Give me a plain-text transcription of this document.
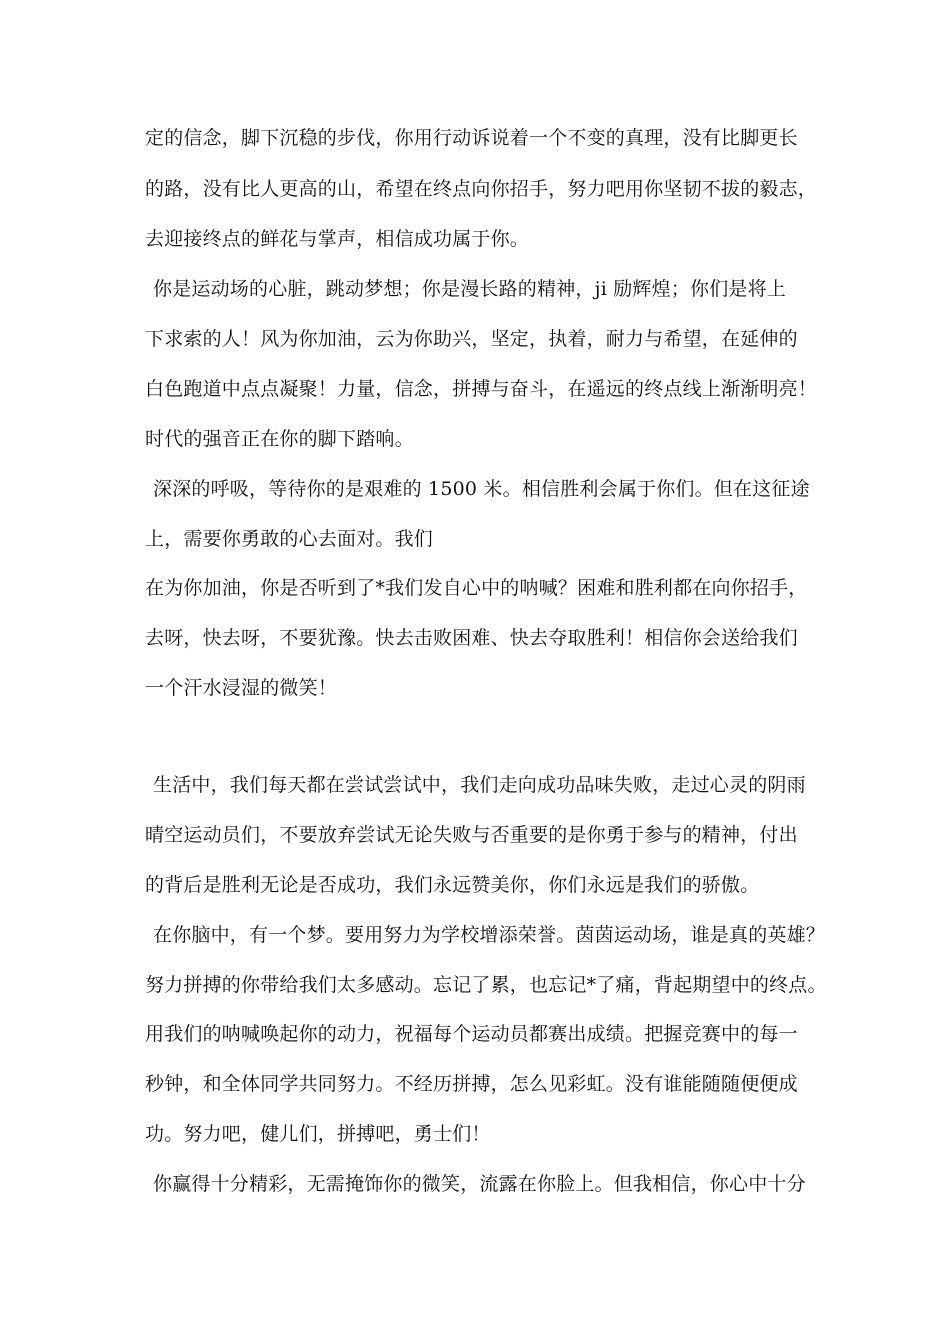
定的信念，脚下沉稳的步伐，你用行动诉说着一个不变的真理，没有比脚更长
的路，没有比人更高的山，希望在终点向你招手，努力吧用你坚韧不拔的毅志，
去迎接终点的鲜花与掌声，相信成功属于你。
你是运动场的心脏，跳动梦想；你是漫长路的精神，ji 励辉煌；你们是将上
下求索的人！风为你加油，云为你助兴，坚定，执着，耐力与希望，在延伸的
白色跑道中点点凝聚！力量，信念，拼搏与奋斗，在遥远的终点线上渐渐明亮！
时代的强音正在你的脚下踏响。
深深的呼吸，等待你的是艰难的 1500 米。相信胜利会属于你们。但在这征途
上，需要你勇敢的心去面对。我们
在为你加油，你是否听到了*我们发自心中的呐喊？困难和胜利都在向你招手，
去呀，快去呀，不要犹豫。快去击败困难、快去夺取胜利！相信你会送给我们
一个汗水浸湿的微笑！
生活中，我们每天都在尝试尝试中，我们走向成功品味失败，走过心灵的阴雨
晴空运动员们，不要放弃尝试无论失败与否重要的是你勇于参与的精神，付出
的背后是胜利无论是否成功，我们永远赞美你，你们永远是我们的骄傲。
在你脑中，有一个梦。要用努力为学校增添荣誉。茵茵运动场，谁是真的英雄？
努力拼搏的你带给我们太多感动。忘记了累，也忘记*了痛，背起期望中的终点。
用我们的呐喊唤起你的动力，祝福每个运动员都赛出成绩。把握竞赛中的每一
秒钟，和全体同学共同努力。不经历拼搏，怎么见彩虹。没有谁能随随便便成
功。努力吧，健儿们，拼搏吧，勇士们！
你赢得十分精彩，无需掩饰你的微笑，流露在你脸上。但我相信，你心中十分
